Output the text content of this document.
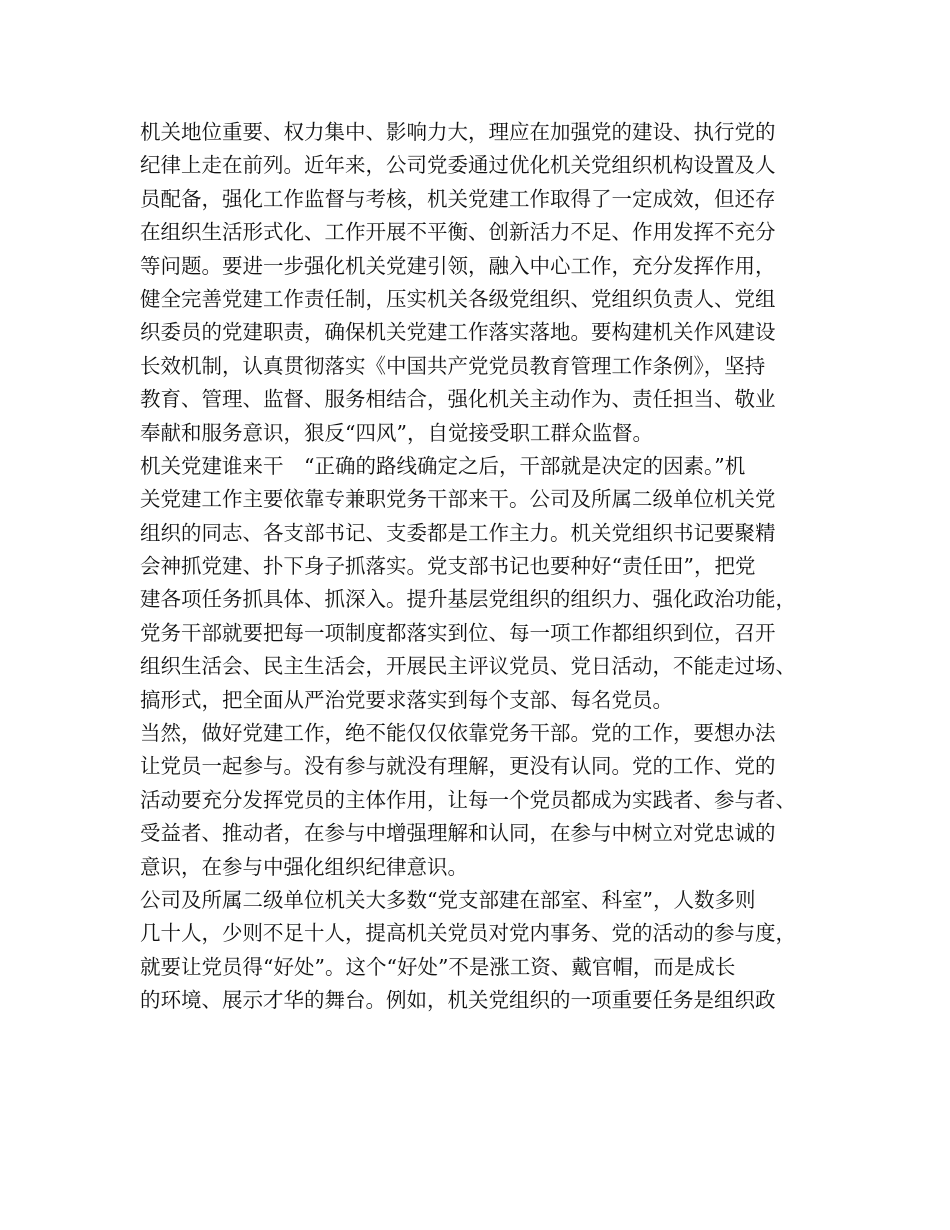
机关地位重要、权力集中、影响力大，理应在加强党的建设、执行党的
纪律上走在前列。近年来，公司党委通过优化机关党组织机构设置及人
员配备，强化工作监督与考核，机关党建工作取得了一定成效，但还存
在组织生活形式化、工作开展不平衡、创新活力不足、作用发挥不充分
等问题。要进一步强化机关党建引领，融入中心工作，充分发挥作用，
健全完善党建工作责任制，压实机关各级党组织、党组织负责人、党组
织委员的党建职责，确保机关党建工作落实落地。要构建机关作风建设
长效机制，认真贯彻落实《中国共产党党员教育管理工作条例》，坚持
教育、管理、监督、服务相结合，强化机关主动作为、责任担当、敬业
奉献和服务意识，狠反“四风”，自觉接受职工群众监督。
机关党建谁来干　“正确的路线确定之后，干部就是决定的因素。”机
关党建工作主要依靠专兼职党务干部来干。公司及所属二级单位机关党
组织的同志、各支部书记、支委都是工作主力。机关党组织书记要聚精
会神抓党建、扑下身子抓落实。党支部书记也要种好“责任田”，把党
建各项任务抓具体、抓深入。提升基层党组织的组织力、强化政治功能，
党务干部就要把每一项制度都落实到位、每一项工作都组织到位，召开
组织生活会、民主生活会，开展民主评议党员、党日活动，不能走过场、
搞形式，把全面从严治党要求落实到每个支部、每名党员。
当然，做好党建工作，绝不能仅仅依靠党务干部。党的工作，要想办法
让党员一起参与。没有参与就没有理解，更没有认同。党的工作、党的
活动要充分发挥党员的主体作用，让每一个党员都成为实践者、参与者、
受益者、推动者，在参与中增强理解和认同，在参与中树立对党忠诚的
意识，在参与中强化组织纪律意识。
公司及所属二级单位机关大多数“党支部建在部室、科室”，人数多则
几十人，少则不足十人，提高机关党员对党内事务、党的活动的参与度，
就要让党员得“好处”。这个“好处”不是涨工资、戴官帽，而是成长
的环境、展示才华的舞台。例如，机关党组织的一项重要任务是组织政
